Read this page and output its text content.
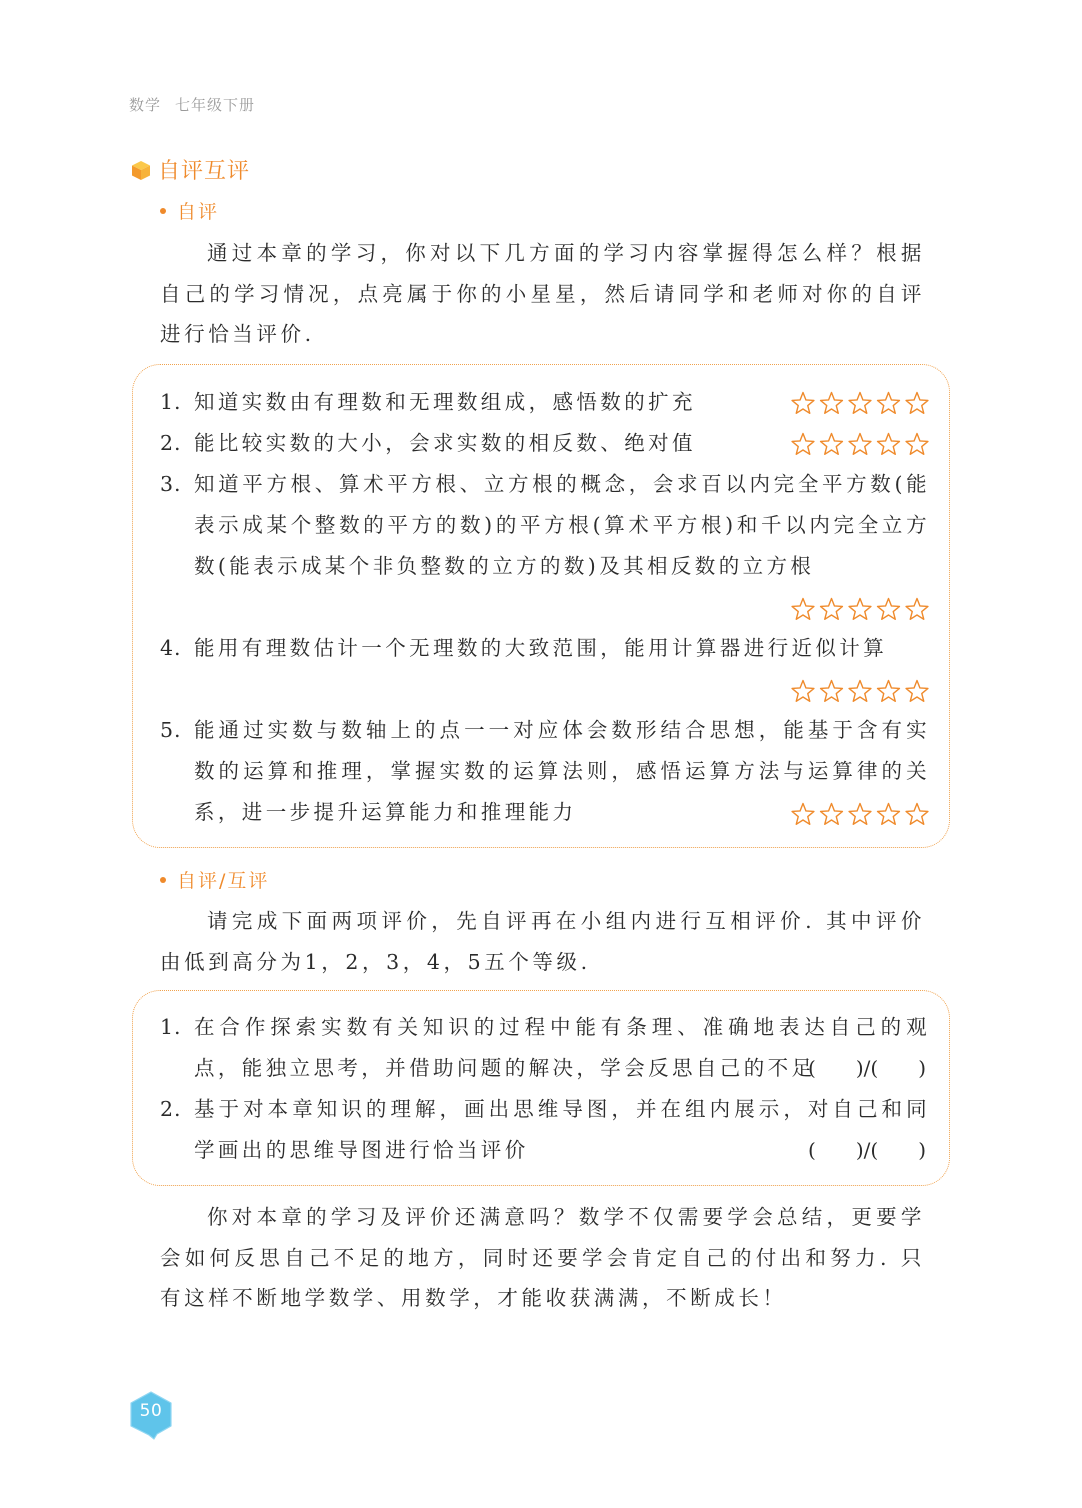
数学 七年级下册
自评互评
自评

通过本章的学习，你对以下几方面的学习内容掌握得怎么样？根据自己的学习情况，点亮属于你的小星星，然后请同学和老师对你的自评进行恰当评价.

1. 知道实数由有理数和无理数组成，感悟数的扩充
2. 能比较实数的大小，会求实数的相反数、绝对值
3. 知道平方根、算术平方根、立方根的概念，会求百以内完全平方数(能表示成某个整数的平方的数)的平方根(算术平方根)和千以内完全立方数(能表示成某个非负整数的立方的数)及其相反数的立方根
4. 能用有理数估计一个无理数的大致范围，能用计算器进行近似计算
5. 能通过实数与数轴上的点一一对应体会数形结合思想，能基于含有实数的运算和推理，掌握实数的运算法则，感悟运算方法与运算律的关系，进一步提升运算能力和推理能力
自评/互评

请完成下面两项评价，先自评再在小组内进行互相评价. 其中评价由低到高分为1，2，3，4，5五个等级.

1. 在合作探索实数有关知识的过程中能有条理、准确地表达自己的观点，能独立思考，并借助问题的解决，学会反思自己的不足
(　　)/(　　)
2. 基于对本章知识的理解，画出思维导图，并在组内展示，对自己和同学画出的思维导图进行恰当评价	(　　)/(　　)

你对本章的学习及评价还满意吗？数学不仅需要学会总结，更要学会如何反思自己不足的地方，同时还要学会肯定自己的付出和努力. 只有这样不断地学数学、用数学，才能收获满满，不断成长！

50
